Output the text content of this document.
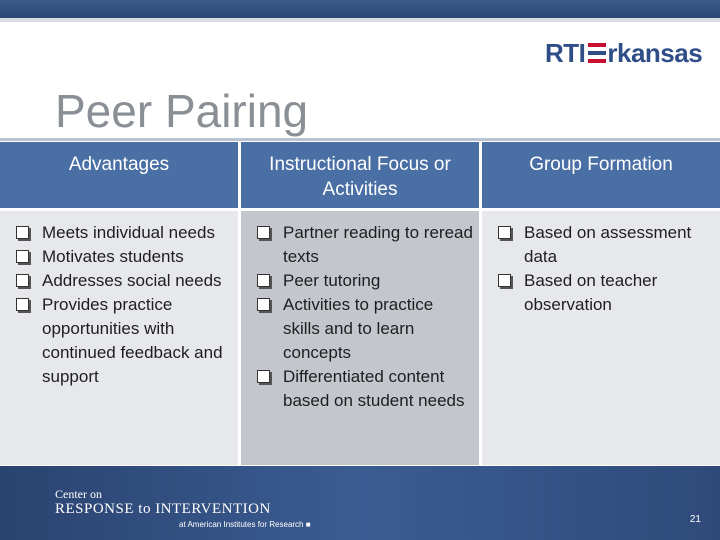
RTI rkansas
Peer Pairing
Advantages
Meets individual needs
Motivates students
Addresses social needs
Provides practice opportunities with continued feedback and support
Instructional Focus or Activities
Partner reading to reread texts
Peer tutoring
Activities to practice skills and to learn concepts
Differentiated content based on student needs
Group Formation
Based on assessment data
Based on teacher observation
Center on
RESPONSE to INTERVENTION
at American Institutes for Research ■	21
